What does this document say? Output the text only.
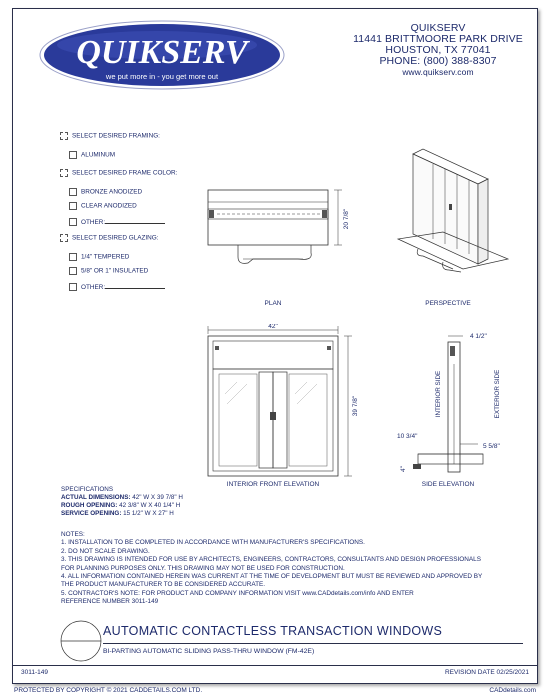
QUIKSERV
we put more in - you get more out
QUIKSERV
11441 BRITTMOORE PARK DRIVE
HOUSTON, TX 77041
PHONE: (800) 388-8307
www.quikserv.com
SELECT DESIRED FRAMING:
ALUMINUM
SELECT DESIRED FRAME COLOR:
BRONZE ANODIZED
CLEAR ANODIZED
OTHER:
SELECT DESIRED GLAZING:
1/4" TEMPERED
5/8" OR 1" INSULATED
OTHER:
20 7/8"
PLAN	PERSPECTIVE
42"
39 7/8"
4 1/2"
INTERIOR SIDE	EXTERIOR SIDE
10 3/4"
5 5/8"
4"
INTERIOR FRONT ELEVATION	SIDE ELEVATION
SPECIFICATIONS
ACTUAL DIMENSIONS: 42" W X 39 7/8" H
ROUGH OPENING: 42 3/8" W X 40 1/4" H
SERVICE OPENING: 15 1/2" W X 27" H
NOTES:
1. INSTALLATION TO BE COMPLETED IN ACCORDANCE WITH MANUFACTURER'S SPECIFICATIONS.
2. DO NOT SCALE DRAWING.
3. THIS DRAWING IS INTENDED FOR USE BY ARCHITECTS, ENGINEERS, CONTRACTORS, CONSULTANTS AND DESIGN PROFESSIONALS
FOR PLANNING PURPOSES ONLY. THIS DRAWING MAY NOT BE USED FOR CONSTRUCTION.
4. ALL INFORMATION CONTAINED HEREIN WAS CURRENT AT THE TIME OF DEVELOPMENT BUT MUST BE REVIEWED AND APPROVED BY
THE PRODUCT MANUFACTURER TO BE CONSIDERED ACCURATE.
5. CONTRACTOR'S NOTE: FOR PRODUCT AND COMPANY INFORMATION VISIT www.CADdetails.com/info AND ENTER
REFERENCE NUMBER 3011-149
AUTOMATIC CONTACTLESS TRANSACTION WINDOWS
BI-PARTING AUTOMATIC SLIDING PASS-THRU WINDOW (FM-42E)
3011-149	REVISION DATE 02/25/2021
PROTECTED BY COPYRIGHT © 2021 CADDETAILS.COM LTD.	CADdetails.com
